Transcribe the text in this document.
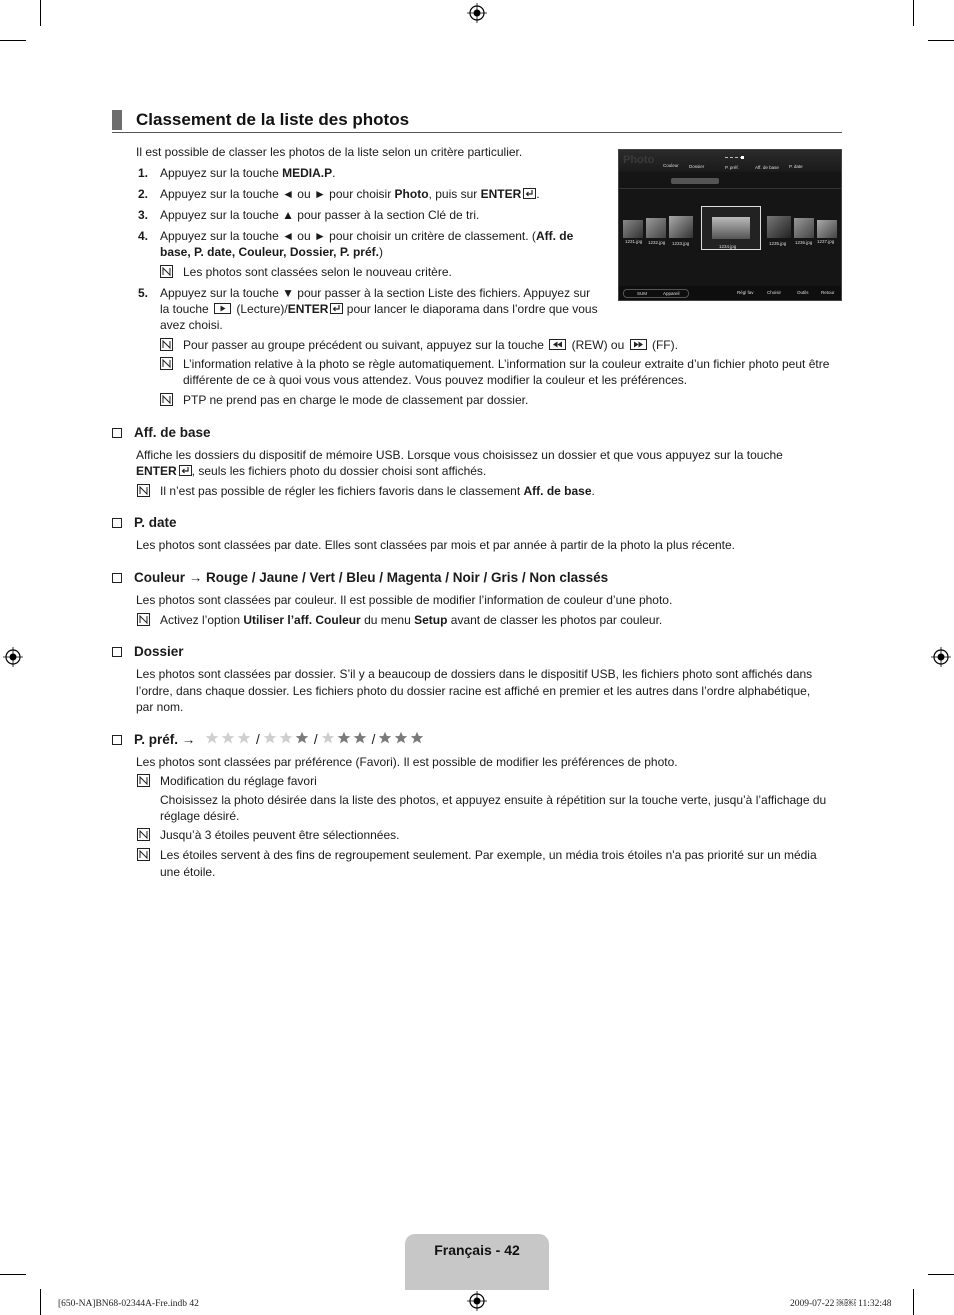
Classement de la liste des photos
Il est possible de classer les photos de la liste selon un critère particulier.
1. Appuyez sur la touche MEDIA.P.
2. Appuyez sur la touche ◄ ou ► pour choisir Photo, puis sur ENTER .
3. Appuyez sur la touche ▲ pour passer à la section Clé de tri.
4. Appuyez sur la touche ◄ ou ► pour choisir un critère de classement. (Aff. de
base, P. date, Couleur, Dossier, P. préf.)
Les photos sont classées selon le nouveau critère.
5. Appuyez sur la touche ▼ pour passer à la section Liste des fichiers. Appuyez sur
la touche (Lecture)/ENTER pour lancer le diaporama dans l’ordre que vous
avez choisi.
Pour passer au groupe précédent ou suivant, appuyez sur la touche (REW) ou (FF).
L’information relative à la photo se règle automatiquement. L’information sur la couleur extraite d’un fichier photo peut être
différente de ce à quoi vous vous attendez. Vous pouvez modifier la couleur et les préférences.
PTP ne prend pas en charge le mode de classement par dossier.
Photo Couleur Dossier	P. préf.	Aff. de base P. date
1231.jpg 1232.jpg 1233.jpg
1234.jpg
1235.jpg 1236.jpg 1237.jpg
SUM	Appareil	Régl fav	Choisir	Outils	Retour
Aff. de base
Affiche les dossiers du dispositif de mémoire USB. Lorsque vous choisissez un dossier et que vous appuyez sur la touche
ENTER , seuls les fichiers photo du dossier choisi sont affichés.
Il n’est pas possible de régler les fichiers favoris dans le classement Aff. de base.
P. date
Les photos sont classées par date. Elles sont classées par mois et par année à partir de la photo la plus récente.
Couleur → Rouge / Jaune / Vert / Bleu / Magenta / Noir / Gris / Non classés
Les photos sont classées par couleur. Il est possible de modifier l’information de couleur d’une photo.
Activez l’option Utiliser l’aff. Couleur du menu Setup avant de classer les photos par couleur.
Dossier
Les photos sont classées par dossier. S’il y a beaucoup de dossiers dans le dispositif USB, les fichiers photo sont affichés dans
l’ordre, dans chaque dossier. Les fichiers photo du dossier racine est affiché en premier et les autres dans l’ordre alphabétique,
par nom.
P. préf. →	/	/	/
Les photos sont classées par préférence (Favori). Il est possible de modifier les préférences de photo.
Modification du réglage favori
Choisissez la photo désirée dans la liste des photos, et appuyez ensuite à répétition sur la touche verte, jusqu’à l’affichage du
réglage désiré.
Jusqu’à 3 étoiles peuvent être sélectionnées.
Les étoiles servent à des fins de regroupement seulement. Par exemple, un média trois étoiles n'a pas priorité sur un média
une étoile.
Français - 42
[650-NA]BN68-02344A-Fre.indb 42	2009-07-22 ￼￼ 11:32:48
